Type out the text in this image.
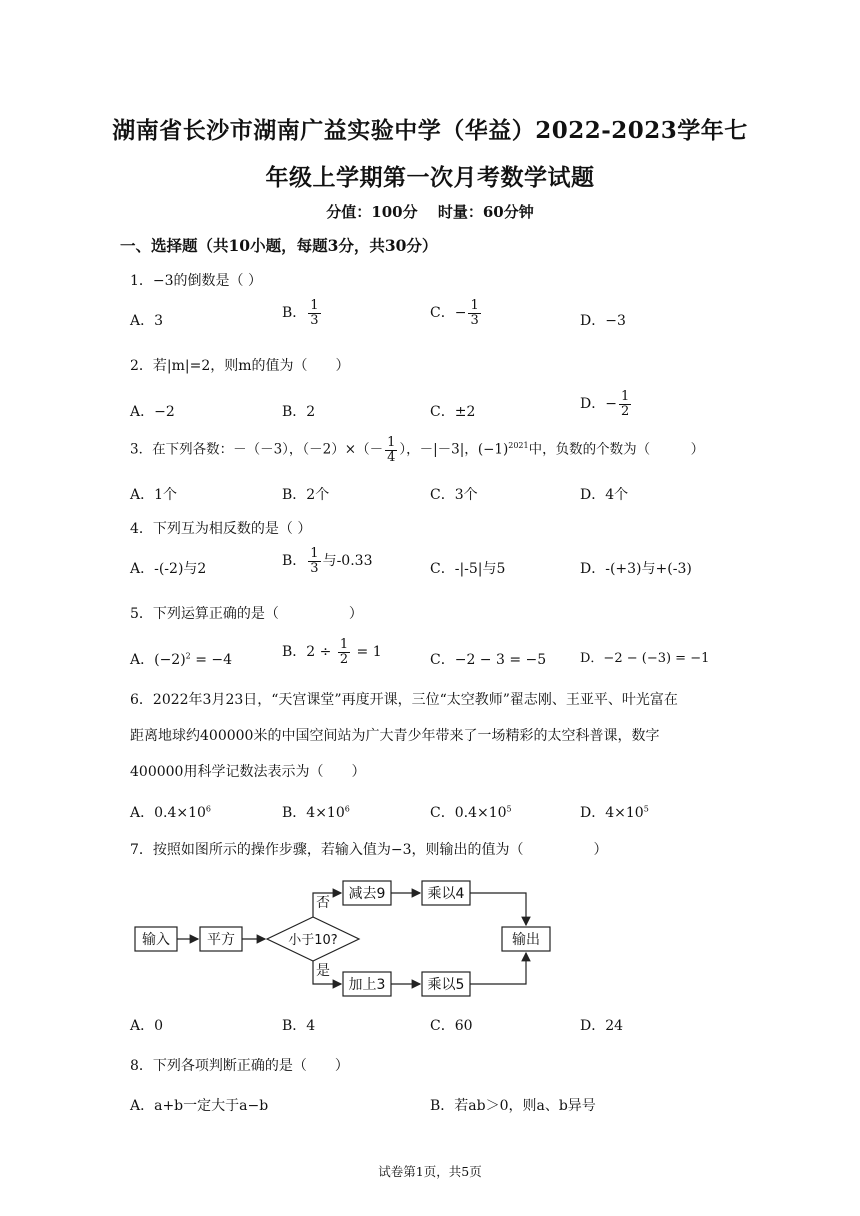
湖南省长沙市湖南广益实验中学（华益）2022-2023学年七
年级上学期第一次月考数学试题
分值：100分　 时量：60分钟
一、选择题（共10小题，每题3分，共30分）
1．−3的倒数是（ ）
A．3	B． $\frac{1}{3}$	C．− $\frac{1}{3}$	D．−3
2．若|m|=2，则m的值为（　　）
A．−2	B．2	C．±2	D．− $\frac{1}{2}$
3．在下列各数：－（－3），$(-2)\times(- \frac{1}{4}$ ），－|－3|，$(-1)^{2021}$中，负数的个数为（　　　）
A．1个	B．2个	C．3个	D．4个
4．下列互为相反数的是（ ）
A．-(-2)与2	B． $\frac{1}{3}$ 与-0.33	C．-|-5|与5	D．-(+3)与+(-3)
5．下列运算正确的是（　　　　　）
A．$(-2)^2 = -4$	B．$2 \div \frac{1}{2} = 1$	C．−2 − 3 = −5	D．−2 − (−3) = −1
6．2022年3月23日，“天宫课堂”再度开课，三位“太空教师”翟志刚、王亚平、叶光富在
距离地球约400000米的中国空间站为广大青少年带来了一场精彩的太空科普课，数字
400000用科学记数法表示为（　　）
A．$0.4\times 10^6$	B．$4\times 10^6$	C．$0.4\times 10^5$	D．$4\times 10^5$
7．按照如图所示的操作步骤，若输入值为−3，则输出的值为（　　　　　）
输入	平方	小于10?
减去9	乘以4
加上3	乘以5
输出
否
是
A．0	B．4	C．60	D．24
8．下列各项判断正确的是（　　）
A．a+b一定大于a−b	B．若ab＞0，则a、b异号
试卷第1页，共5页
